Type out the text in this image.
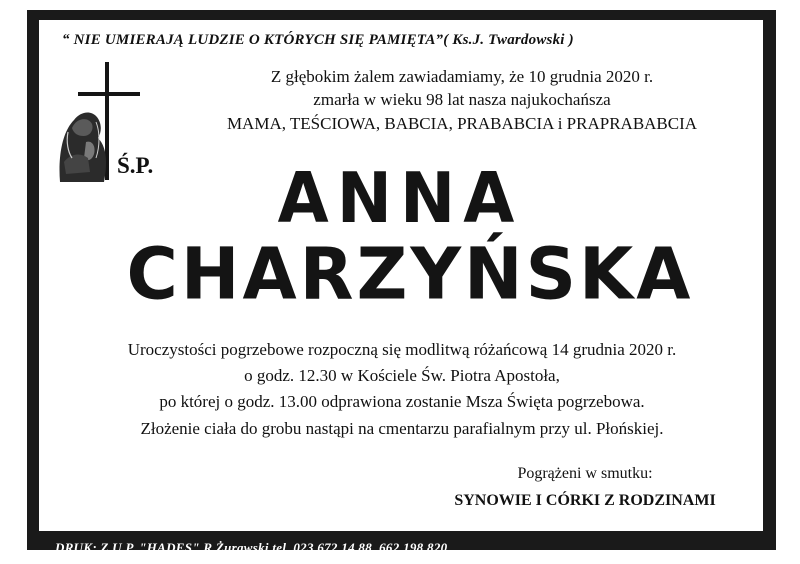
“ NIE UMIERAJĄ LUDZIE O KTÓRYCH SIĘ PAMIĘTA”( Ks.J. Twardowski )
Z głębokim żalem zawiadamiamy, że 10 grudnia 2020 r.
zmarła w wieku 98 lat nasza najukochańsza
MAMA, TEŚCIOWA, BABCIA, PRABABCIA i PRAPRABABCIA
Ś.P.	ANNA
CHARZYŃSKA
Uroczystości pogrzebowe rozpoczną się modlitwą różańcową 14 grudnia 2020 r.
o godz. 12.30 w Kościele Św. Piotra Apostoła,
po której o godz. 13.00 odprawiona zostanie Msza Święta pogrzebowa.
Złożenie ciała do grobu nastąpi na cmentarzu parafialnym przy ul. Płońskiej.
Pogrążeni w smutku:
SYNOWIE I CÓRKI Z RODZINAMI
DRUK: Z.U.P. "HADES" R.Żurawski tel. 023 672 14 88, 662 198 820
